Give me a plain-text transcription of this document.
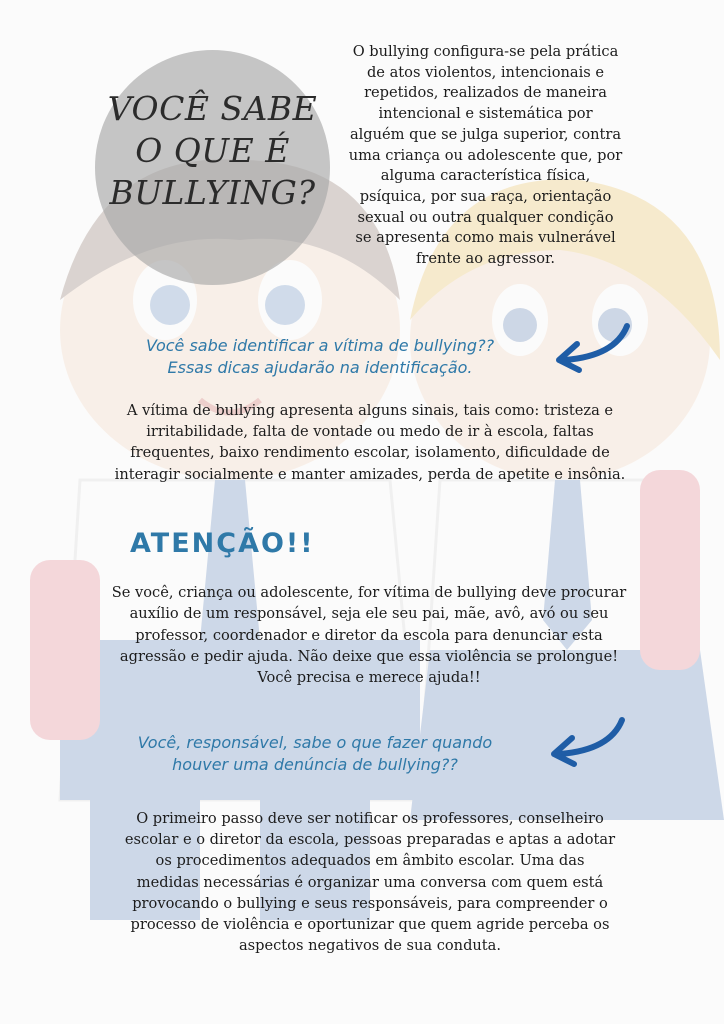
VOCÊ SABE
O QUE É
BULLYING?
O bullying configura-se pela prática
de atos violentos, intencionais e
repetidos, realizados de maneira
intencional e sistemática por
alguém que se julga superior, contra
uma criança ou adolescente que, por
alguma característica física,
psíquica, por sua raça, orientação
sexual ou outra qualquer condição
se apresenta como mais vulnerável
frente ao agressor.
Você sabe identificar a vítima de bullying??
Essas dicas ajudarão na identificação.
A vítima de bullying apresenta alguns sinais, tais como: tristeza e
irritabilidade, falta de vontade ou medo de ir à escola, faltas
frequentes, baixo rendimento escolar, isolamento, dificuldade de
interagir socialmente e manter amizades, perda de apetite e insônia.
ATENÇÃO!!
Se você, criança ou adolescente, for vítima de bullying deve procurar
auxílio de um responsável, seja ele seu pai, mãe, avô, avó ou seu
professor, coordenador e diretor da escola para denunciar esta
agressão e pedir ajuda. Não deixe que essa violência se prolongue!
Você precisa e merece ajuda!!
Você, responsável, sabe o que fazer quando
houver uma denúncia de bullying??
O primeiro passo deve ser notificar os professores, conselheiro
escolar e o diretor da escola, pessoas preparadas e aptas a adotar
os procedimentos adequados em âmbito escolar. Uma das
medidas necessárias é organizar uma conversa com quem está
provocando o bullying e seus responsáveis, para compreender o
processo de violência e oportunizar que quem agride perceba os
aspectos negativos de sua conduta.
